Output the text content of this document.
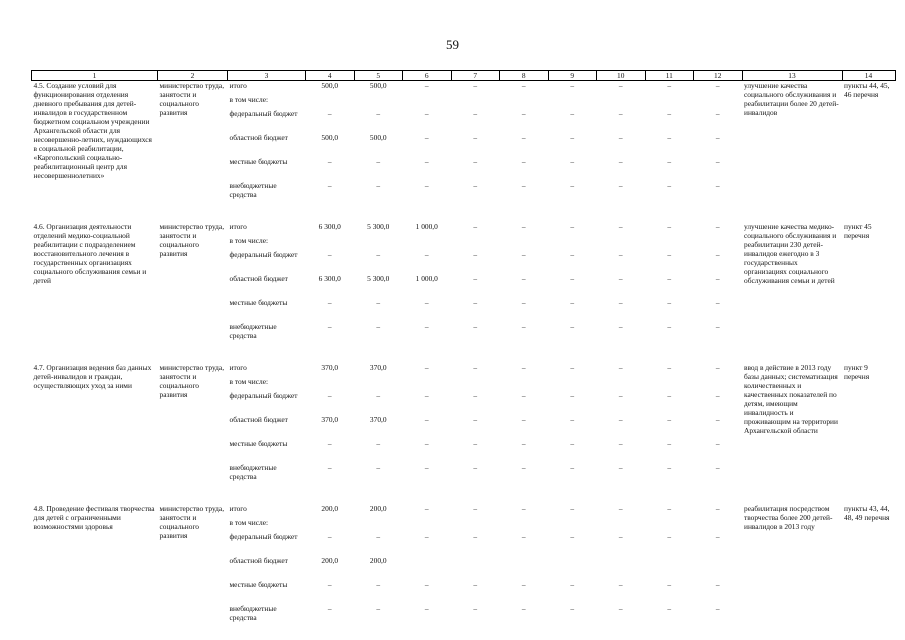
59
1	2	3	4	5	6	7	8	9	10	11	12	13	14
4.5. Создание условий для функционирования отделения дневного пребывания для детей-инвалидов в государственном бюджетном социальном учреждении Архангельской области для несовершенно-летних, нуждающихся в социальной реабилитации, «Каргопольский социально-реабилитационный центр для несовершеннолетних»	министерство труда, занятости и социального развития	итого	500,0	500,0	–	–	–	–	–	–	–	улучшение качества социального обслуживания и реабилитации более 20 детей-инвалидов	пункты 44, 45, 46 перечня
		в том числе:											
		федеральный бюджет	–	–	–	–	–	–	–	–	–		
		областной бюджет	500,0	500,0	–	–	–	–	–	–	–		
		местные бюджеты	–	–	–	–	–	–	–	–	–		
		внебюджетные средства	–	–	–	–	–	–	–	–	–		

4.6. Организация деятельности отделений медико-социальной реабилитации с подразделением восстановительного лечения в государственных организациях социального обслуживания семьи и детей	министерство труда, занятости и социального развития	итого	6 300,0	5 300,0	1 000,0	–	–	–	–	–	–	улучшение качества медико-социального обслуживания и реабилитации 230 детей-инвалидов ежегодно в 3 государственных организациях социального обслуживания семьи и детей	пункт 45 перечня
		в том числе:											
		федеральный бюджет	–	–	–	–	–	–	–	–	–		
		областной бюджет	6 300,0	5 300,0	1 000,0	–	–	–	–	–	–		
		местные бюджеты	–	–	–	–	–	–	–	–	–		
		внебюджетные средства	–	–	–	–	–	–	–	–	–		

4.7. Организация ведения баз данных детей-инвалидов и граждан, осуществляющих уход за ними	министерство труда, занятости и социального развития	итого	370,0	370,0	–	–	–	–	–	–	–	ввод в действие в 2013 году базы данных; систематизация количественных и качественных показателей по детям, имеющим инвалидность и проживающим на территории Архангельской области	пункт 9 перечня
		в том числе:											
		федеральный бюджет	–	–	–	–	–	–	–	–	–		
		областной бюджет	370,0	370,0	–	–	–	–	–	–	–		
		местные бюджеты	–	–	–	–	–	–	–	–	–		
		внебюджетные средства	–	–	–	–	–	–	–	–	–		

4.8. Проведение фестиваля творчества для детей с ограниченными возможностями здоровья	министерство труда, занятости и социального развития	итого	200,0	200,0	–	–	–	–	–	–	–	реабилитация посредством творчества более 200 детей-инвалидов в 2013 году	пункты 43, 44, 48, 49 перечня
		в том числе:											
		федеральный бюджет	–	–	–	–	–	–	–	–	–		
		областной бюджет	200,0	200,0									
		местные бюджеты	–	–	–	–	–	–	–	–	–		
		внебюджетные средства	–	–	–	–	–	–	–	–	–		
